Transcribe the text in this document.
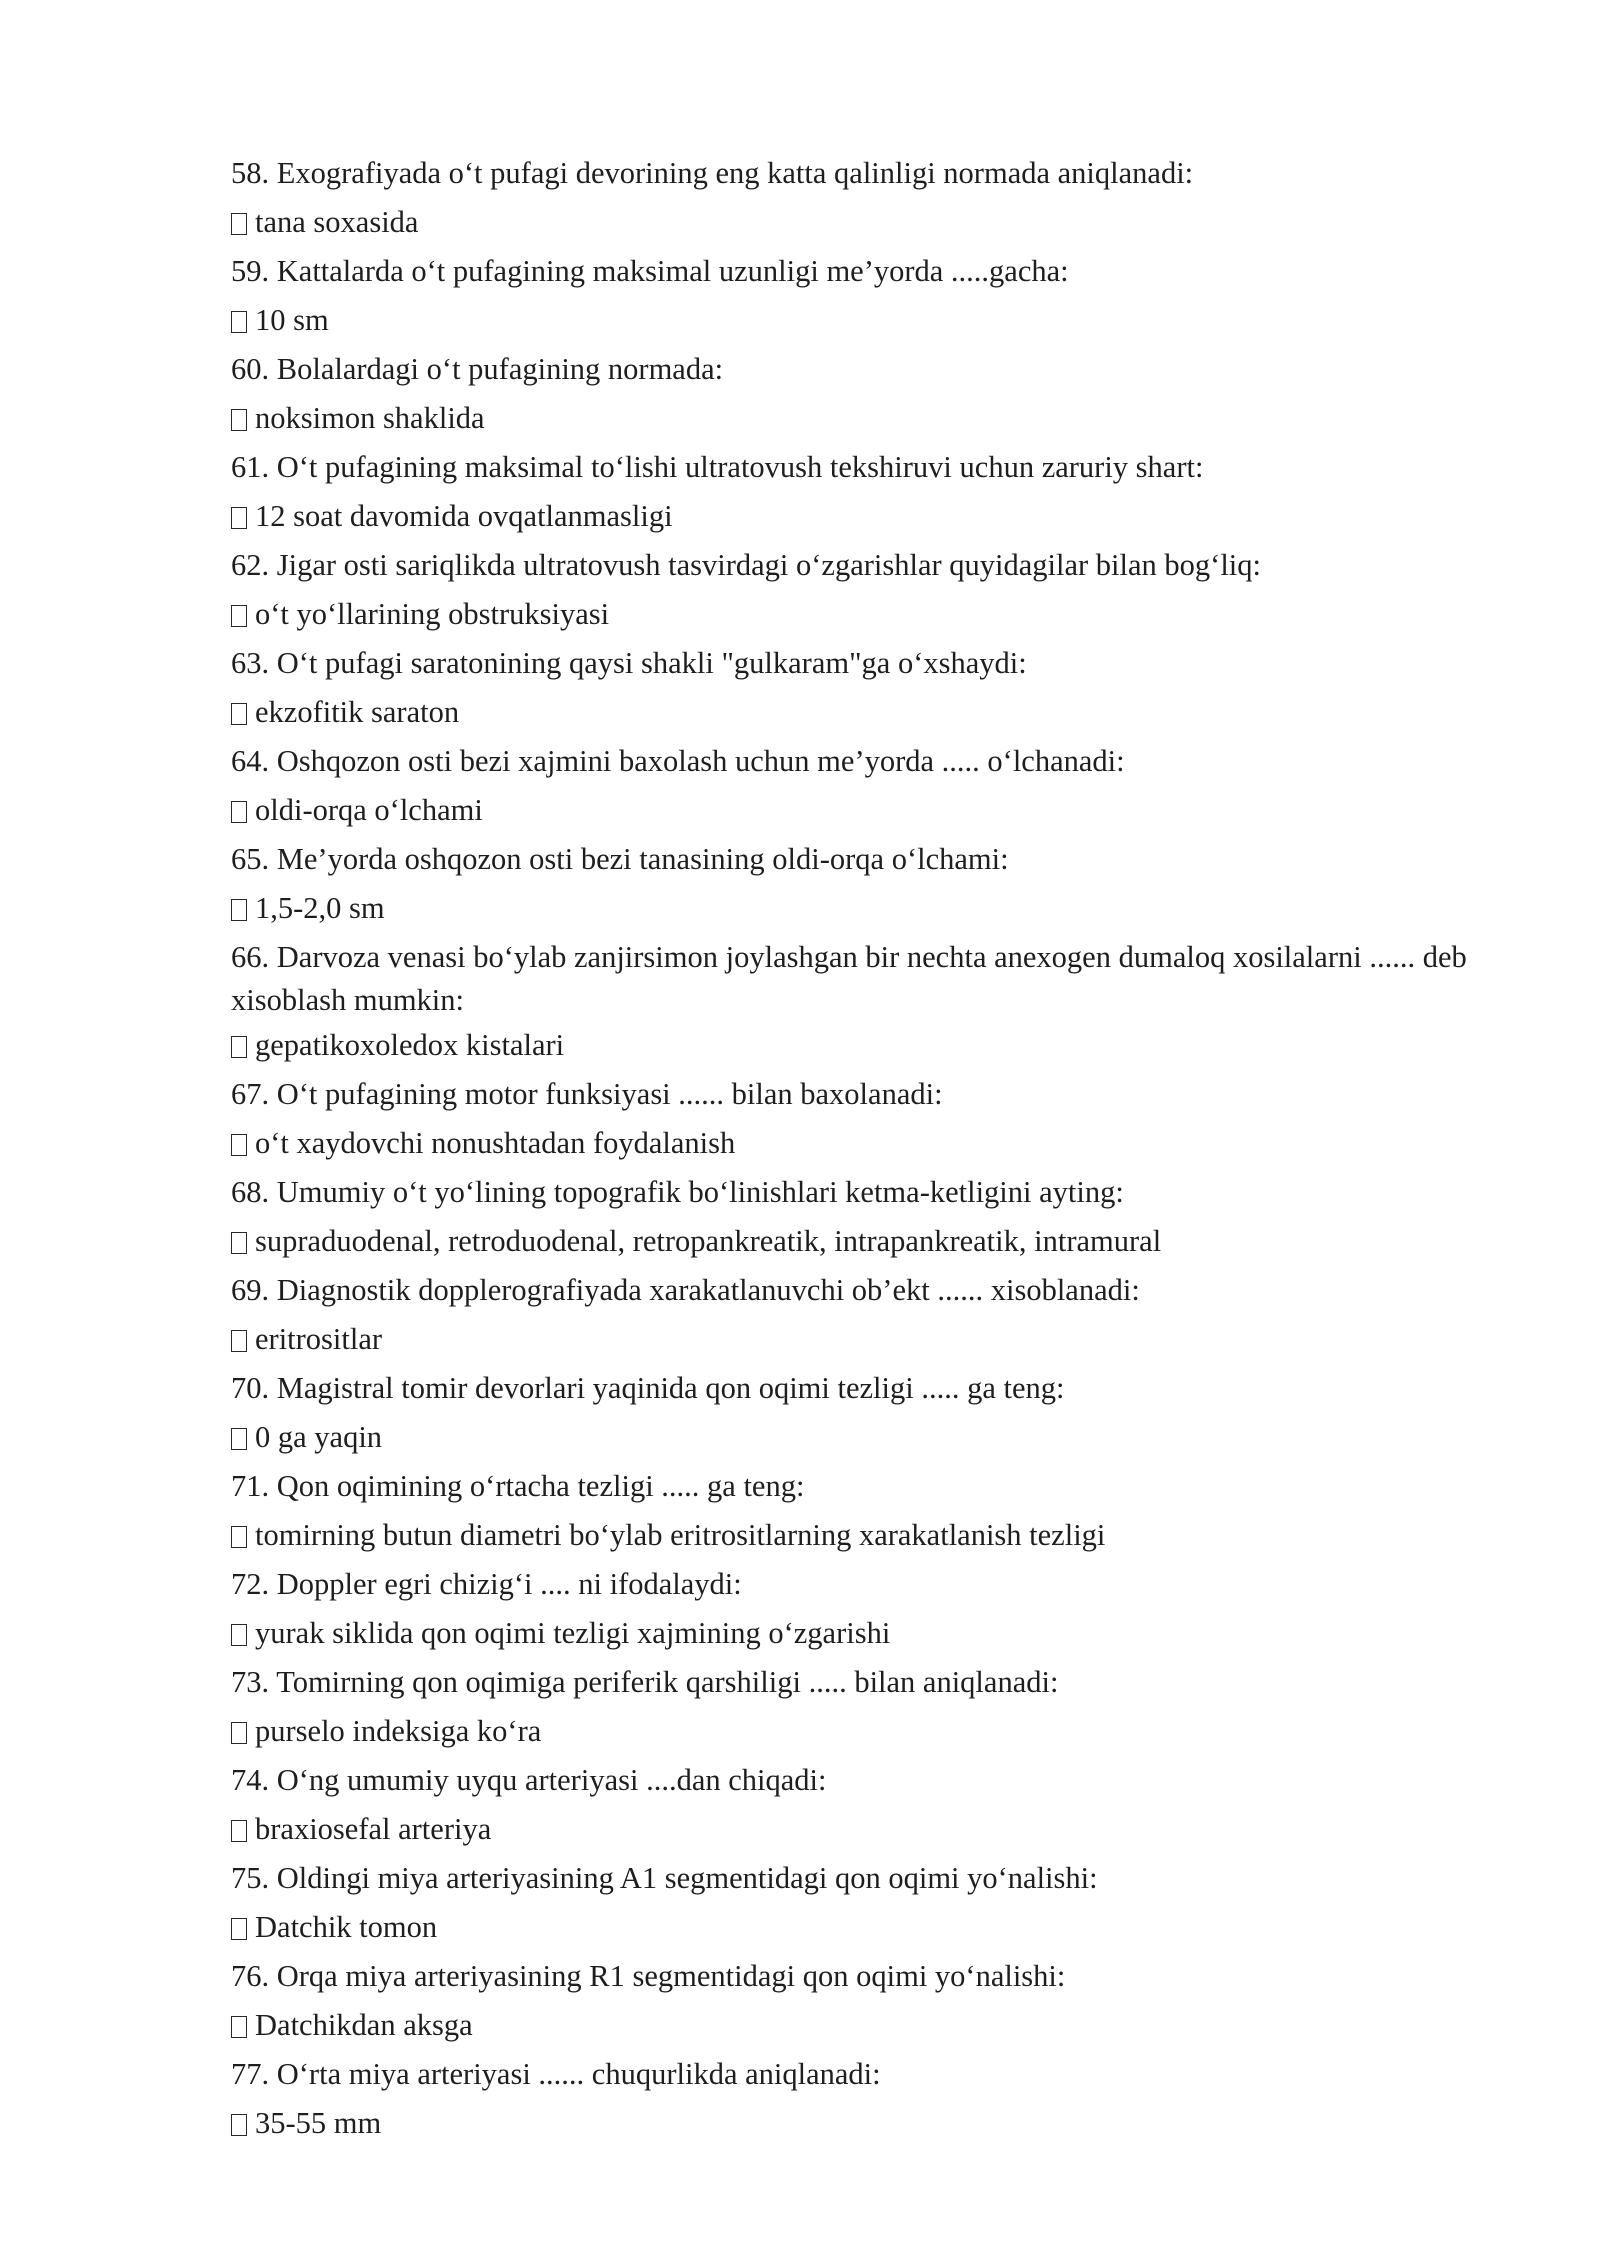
58. Exografiyada o‘t pufagi devorining eng katta qalinligi normada aniqlanadi:

tana soxasida

59. Kattalarda o‘t pufagining maksimal uzunligi me’yorda .....gacha:

10 sm

60. Bolalardagi o‘t pufagining normada:

noksimon shaklida

61. O‘t pufagining maksimal to‘lishi ultratovush tekshiruvi uchun zaruriy shart:

12 soat davomida ovqatlanmasligi

62. Jigar osti sariqlikda ultratovush tasvirdagi o‘zgarishlar quyidagilar bilan bog‘liq:

o‘t yo‘llarining obstruksiyasi

63. O‘t pufagi saratonining qaysi shakli "gulkaram"ga o‘xshaydi:

ekzofitik saraton

64. Oshqozon osti bezi xajmini baxolash uchun me’yorda ..... o‘lchanadi:

oldi-orqa o‘lchami

65. Me’yorda oshqozon osti bezi tanasining oldi-orqa o‘lchami:

1,5-2,0 sm

66. Darvoza venasi bo‘ylab zanjirsimon joylashgan bir nechta anexogen dumaloq xosilalarni ...... deb xisoblash mumkin:

gepatikoxoledox kistalari

67. O‘t pufagining motor funksiyasi ...... bilan baxolanadi:

o‘t xaydovchi nonushtadan foydalanish

68. Umumiy o‘t yo‘lining topografik bo‘linishlari ketma-ketligini ayting:

supraduodenal, retroduodenal, retropankreatik, intrapankreatik, intramural

69. Diagnostik dopplerografiyada xarakatlanuvchi ob’ekt ...... xisoblanadi:

eritrositlar

70. Magistral tomir devorlari yaqinida qon oqimi tezligi ..... ga teng:

0 ga yaqin

71. Qon oqimining o‘rtacha tezligi ..... ga teng:

tomirning butun diametri bo‘ylab eritrositlarning xarakatlanish tezligi

72. Doppler egri chizig‘i .... ni ifodalaydi:

yurak siklida qon oqimi tezligi xajmining o‘zgarishi

73. Tomirning qon oqimiga periferik qarshiligi ..... bilan aniqlanadi:

purselo indeksiga ko‘ra

74. O‘ng umumiy uyqu arteriyasi ....dan chiqadi:

braxiosefal arteriya

75. Oldingi miya arteriyasining A1 segmentidagi qon oqimi yo‘nalishi:

Datchik tomon

76. Orqa miya arteriyasining R1 segmentidagi qon oqimi yo‘nalishi:

Datchikdan aksga

77. O‘rta miya arteriyasi ...... chuqurlikda aniqlanadi:

35-55 mm
